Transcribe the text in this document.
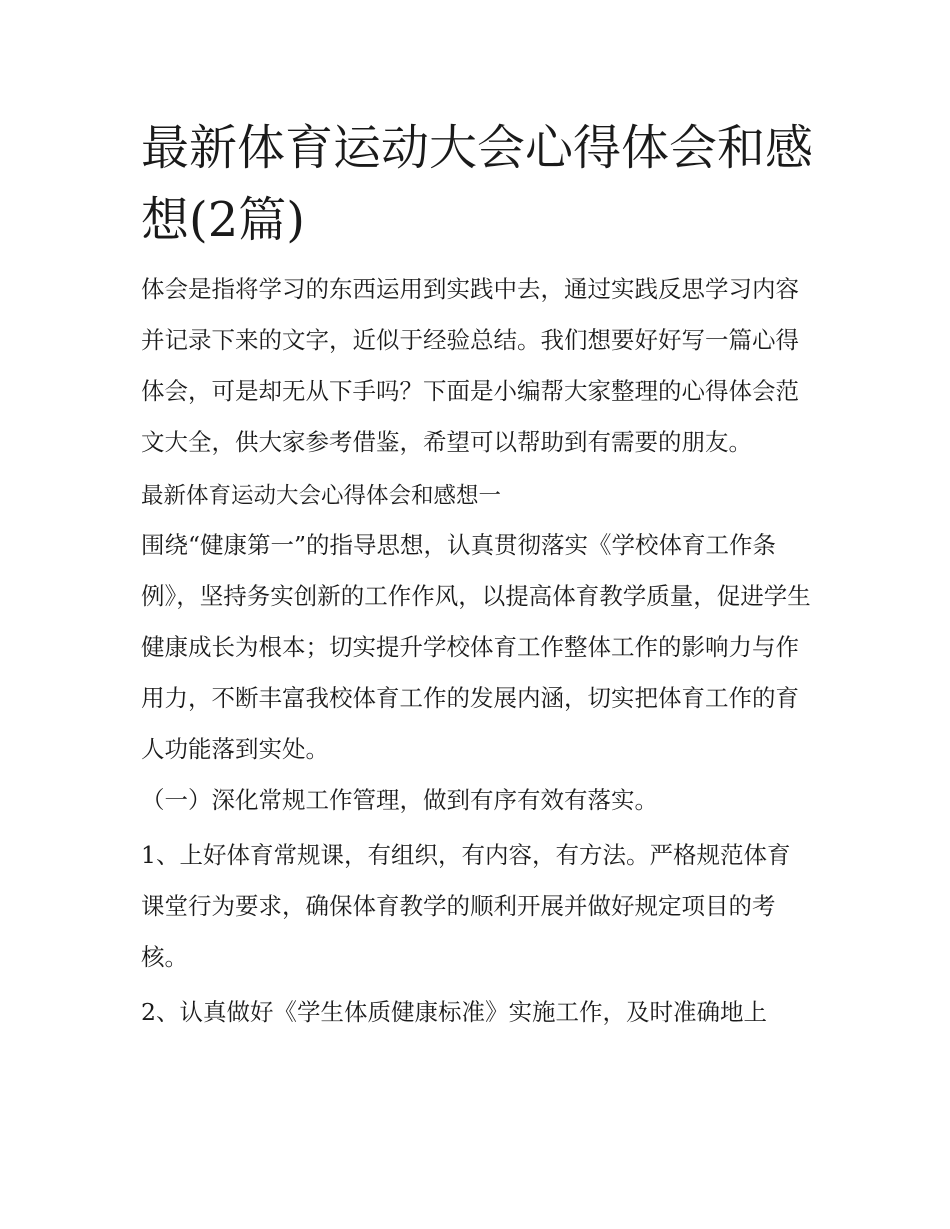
最新体育运动大会心得体会和感想(2篇)

体会是指将学习的东西运用到实践中去，通过实践反思学习内容并记录下来的文字，近似于经验总结。我们想要好好写一篇心得体会，可是却无从下手吗？下面是小编帮大家整理的心得体会范文大全，供大家参考借鉴，希望可以帮助到有需要的朋友。

最新体育运动大会心得体会和感想一

围绕“健康第一”的指导思想，认真贯彻落实《学校体育工作条例》，坚持务实创新的工作作风，以提高体育教学质量，促进学生健康成长为根本；切实提升学校体育工作整体工作的影响力与作用力，不断丰富我校体育工作的发展内涵，切实把体育工作的育人功能落到实处。

（一）深化常规工作管理，做到有序有效有落实。

1、上好体育常规课，有组织，有内容，有方法。严格规范体育课堂行为要求，确保体育教学的顺利开展并做好规定项目的考核。

2、认真做好《学生体质健康标准》实施工作，及时准确地上
